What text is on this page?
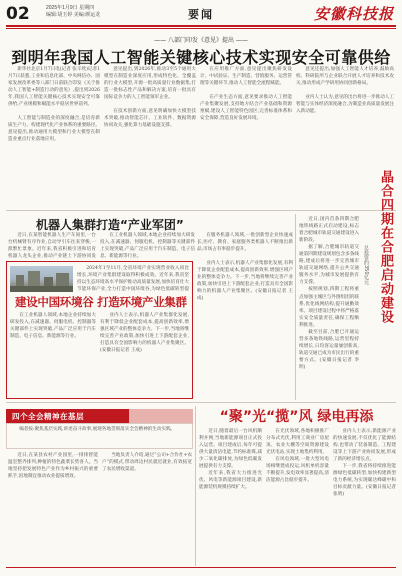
02	2025年1月9日 星期四
编辑:胡玉婷 美编:颜运龙	要闻	安徽科技报
—— 八部门印发《意见》提出 ——
到明年我国人工智能关键核心技术实现安全可靠供给
新华社北京1月7日电(记者 张辛欣)记者1月7日获悉,工业和信息化部、中央网信办、国家发展改革委等八部门日前联合印发《关于推动人工智能+制造行动的意见》,提出到2026年,我国人工智能关键核心技术实现安全可靠供给,产业规模和赋能水平稳居世界前列。
人工智能与制造业的深度融合,是培育新质生产力、构建现代化产业体系的重要路径。意见提出,推动通用大模型和行业大模型在制造业重点行业落地应用。
意见提出,到2026年,推动3至5个通用大模型在制造业深度应用,形成特色化、全覆盖的行业大模型,开源一批高质量行业数据集,打造一批标志性产品和解决方案,培育一批具有国际竞争力的人工智能领军企业。
在技术创新方面,意见明确加快大模型技术突破,推动智能芯片、工业软件、数据资源协同攻关,强化算力基础设施支撑。
在应用推广方面,意见提出聚焦研发设计、中试验证、生产制造、营销服务、运营管理等关键环节,推动人工智能全流程赋能。
在产业生态方面,意见要求推动人工智能产业集聚发展,支持地方结合产业基础和资源禀赋,建设人工智能特色园区,完善标准体系和安全保障,营造良好发展环境。
意见还提出,加强人工智能人才培养,鼓励高校、科研院所与企业联合开展人才培养和技术攻关,推动形成产学研用协同创新格局。
业内人士认为,意见的出台将进一步推动人工智能与实体经济深度融合,为制造业高质量发展注入新动能。
机器人集群打造“产业军团”
近日,在某智能机器人生产车间里,一台台机械臂有序作业,自动导引车往来穿梭,一派繁忙景象。近年来,我省积极引进和培育机器人龙头企业,推动产业链上下游协同发
在工业机器人领域,本地企业持续加大研发投入,在减速器、伺服电机、控制器等关键部件上实现突破,产品广泛应用于汽车制造、电子信息、新能源等行业。
在服务机器人领域,一批创新型企业快速成长,医疗、教育、家庭服务类机器人不断推出新品,市场占有率稳步提升。
业内人士表示,机器人产业集群化发展,有利于降低企业配套成本,提高创新效率,增强区域产业的整体竞争力。下一步,当地将继续完善产业政策,加快引进上下游配套企业,打造具有全国影响力的机器人产业集聚区。(安徽日报记者 王成)
2024年1至11月,全省环境产业实现营业收入同比增长,环境产业集群建设取得积极成效。近年来,我省坚持以生态环境高水平保护推动高质量发展,加快培育壮大节能环保产业,全力打造中国环境谷,为绿色低碳转型提
建设中国环境谷 打造环境产业集群
在工业机器人领域,本地企业持续加大研发投入,在减速器、伺服电机、控制器等关键部件上实现突破,产品广泛应用于汽车制造、电子信息、新能源等行业。
业内人士表示,机器人产业集群化发展,有利于降低企业配套成本,提高创新效率,增强区域产业的整体竞争力。下一步,当地将继续完善产业政策,加快引进上下游配套企业,打造具有全国影响力的机器人产业集聚区。(安徽日报记者 王成)
近日,国内首条四期合肥地铁线路正式启动建设,标志着合肥城市轨道交通建设进入新阶段。
据了解,合肥城市轨道交通第四期建设规划包含多条线路,建成后将进一步完善城市轨道交通网络,提升公共交通服务水平,为城市发展提供有力支撑。
按照规划,四期工程将重点加强主城区与外围组团的联系,优化线网结构,提升通勤效率。项目建设过程中将严格落实安全质量责任,确保工程顺利推进。
截至目前,合肥已开通运营多条地铁线路,运营里程持续增长,日均客运量屡创新高,轨道交通已成为市民出行的重要方式。(安徽日报记者 李明)
晶合四期在合肥启动建设
总投资约350亿元
四个全会精神在基层
编者按:聚焦基层实践,讲述奋斗故事,展现各地贯彻落实全会精神的生动实践。
近日,在某县农村产业园里,一排排智能温室整齐排列,种植的特色蔬菜长势喜人。当地坚持把发展特色产业作为乡村振兴的重要抓手,因地制宜推动农业提质增效。
当地负责人介绍,通过“公司+合作社+农户”的模式,带动周边村民就近就业,有效拓宽了农民增收渠道。
“聚”光“揽”风 绿电再添
近日,随着最后一台风机顺利并网,当地新能源项目正式投入运营。项目建成后,每年可提供大量清洁电能,节约标准煤,减少二氧化碳排放,为绿色低碳发展提供有力支撑。
近年来,我省大力推进光伏、风电等新能源项目建设,新能源装机规模持续扩大。
在光伏领域,各地积极推广分布式光伏,利用工商业厂房屋顶、农业大棚等空间资源建设光伏电站,实现土地集约利用。
在风电领域,一批大型风电场相继建成投运,风机单机容量不断提升,发电效率显著提高,清洁能源占比稳步提升。
业内人士表示,新能源产业的快速发展,不仅优化了能源结构,也带动了装备制造、工程建设等上下游产业协同发展,形成了新的经济增长点。
下一步,我省将持续推进能源绿色低碳转型,加快构建新型电力系统,为实现碳达峰碳中和目标贡献力量。(安徽日报记者 张明)
